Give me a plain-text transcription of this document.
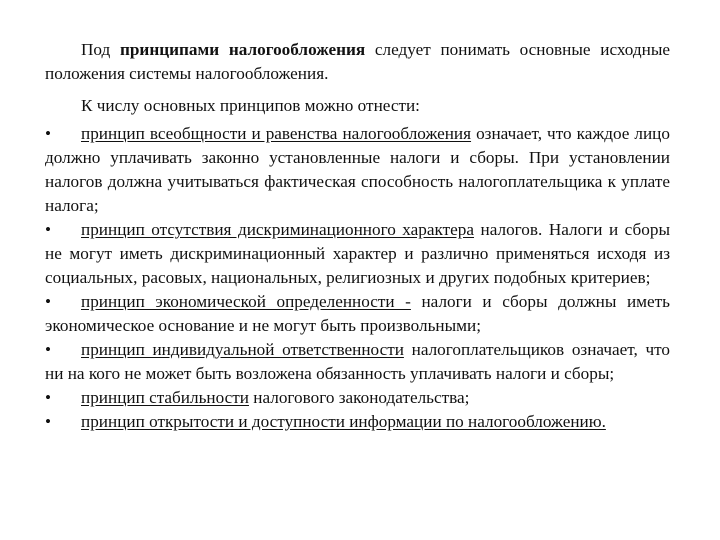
Под принципами налогообложения следует понимать основные исходные положения системы налогообложения.

К числу основных принципов можно отнести:

• принцип всеобщности и равенства налогообложения означает, что каждое лицо должно уплачивать законно установленные налоги и сборы. При установлении налогов должна учитываться фактическая способность налогоплательщика к уплате налога;

• принцип отсутствия дискриминационного характера налогов. Налоги и сборы не могут иметь дискриминационный характер и различно применяться исходя из социальных, расовых, национальных, религиозных и других подобных критериев;

• принцип экономической определенности - налоги и сборы должны иметь экономическое основание и не могут быть произвольными;

• принцип индивидуальной ответственности налогоплательщиков означает, что ни на кого не может быть возложена обязанность уплачивать налоги и сборы;

• принцип стабильности налогового законодательства;

• принцип открытости и доступности информации по налогообложению.
